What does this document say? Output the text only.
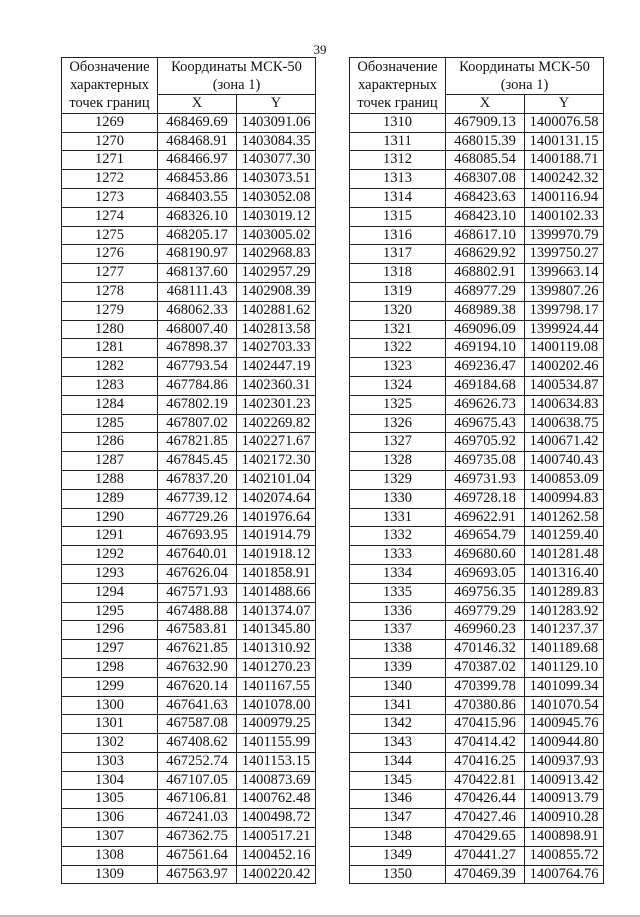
39
Обозначение характерных точек границ	Координаты МСК-50 (зона 1)	
	X	Y
1269	468469.69	1403091.06
1270	468468.91	1403084.35
1271	468466.97	1403077.30
1272	468453.86	1403073.51
1273	468403.55	1403052.08
1274	468326.10	1403019.12
1275	468205.17	1403005.02
1276	468190.97	1402968.83
1277	468137.60	1402957.29
1278	468111.43	1402908.39
1279	468062.33	1402881.62
1280	468007.40	1402813.58
1281	467898.37	1402703.33
1282	467793.54	1402447.19
1283	467784.86	1402360.31
1284	467802.19	1402301.23
1285	467807.02	1402269.82
1286	467821.85	1402271.67
1287	467845.45	1402172.30
1288	467837.20	1402101.04
1289	467739.12	1402074.64
1290	467729.26	1401976.64
1291	467693.95	1401914.79
1292	467640.01	1401918.12
1293	467626.04	1401858.91
1294	467571.93	1401488.66
1295	467488.88	1401374.07
1296	467583.81	1401345.80
1297	467621.85	1401310.92
1298	467632.90	1401270.23
1299	467620.14	1401167.55
1300	467641.63	1401078.00
1301	467587.08	1400979.25
1302	467408.62	1401155.99
1303	467252.74	1401153.15
1304	467107.05	1400873.69
1305	467106.81	1400762.48
1306	467241.03	1400498.72
1307	467362.75	1400517.21
1308	467561.64	1400452.16
1309	467563.97	1400220.42
Обозначение характерных точек границ	Координаты МСК-50 (зона 1)	
	X	Y
1310	467909.13	1400076.58
1311	468015.39	1400131.15
1312	468085.54	1400188.71
1313	468307.08	1400242.32
1314	468423.63	1400116.94
1315	468423.10	1400102.33
1316	468617.10	1399970.79
1317	468629.92	1399750.27
1318	468802.91	1399663.14
1319	468977.29	1399807.26
1320	468989.38	1399798.17
1321	469096.09	1399924.44
1322	469194.10	1400119.08
1323	469236.47	1400202.46
1324	469184.68	1400534.87
1325	469626.73	1400634.83
1326	469675.43	1400638.75
1327	469705.92	1400671.42
1328	469735.08	1400740.43
1329	469731.93	1400853.09
1330	469728.18	1400994.83
1331	469622.91	1401262.58
1332	469654.79	1401259.40
1333	469680.60	1401281.48
1334	469693.05	1401316.40
1335	469756.35	1401289.83
1336	469779.29	1401283.92
1337	469960.23	1401237.37
1338	470146.32	1401189.68
1339	470387.02	1401129.10
1340	470399.78	1401099.34
1341	470380.86	1401070.54
1342	470415.96	1400945.76
1343	470414.42	1400944.80
1344	470416.25	1400937.93
1345	470422.81	1400913.42
1346	470426.44	1400913.79
1347	470427.46	1400910.28
1348	470429.65	1400898.91
1349	470441.27	1400855.72
1350	470469.39	1400764.76
